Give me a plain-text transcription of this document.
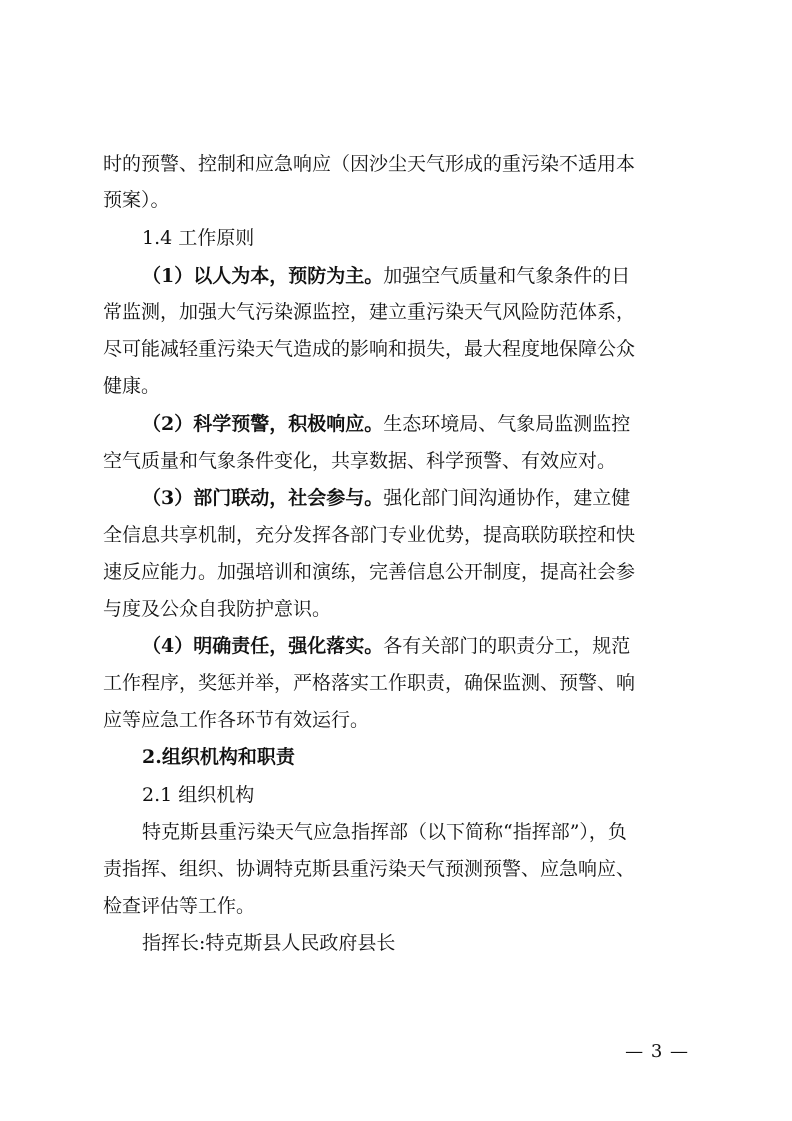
时的预警、控制和应急响应（因沙尘天气形成的重污染不适用本
预案）。
1.4 工作原则
（1）以人为本，预防为主。加强空气质量和气象条件的日
常监测，加强大气污染源监控，建立重污染天气风险防范体系，
尽可能减轻重污染天气造成的影响和损失，最大程度地保障公众
健康。
（2）科学预警，积极响应。生态环境局、气象局监测监控
空气质量和气象条件变化，共享数据、科学预警、有效应对。
（3）部门联动，社会参与。强化部门间沟通协作，建立健
全信息共享机制，充分发挥各部门专业优势，提高联防联控和快
速反应能力。加强培训和演练，完善信息公开制度，提高社会参
与度及公众自我防护意识。
（4）明确责任，强化落实。各有关部门的职责分工，规范
工作程序，奖惩并举，严格落实工作职责，确保监测、预警、响
应等应急工作各环节有效运行。
2.组织机构和职责
2.1 组织机构
特克斯县重污染天气应急指挥部（以下简称“指挥部”），负
责指挥、组织、协调特克斯县重污染天气预测预警、应急响应、
检查评估等工作。
指挥长:特克斯县人民政府县长
— 3 —
